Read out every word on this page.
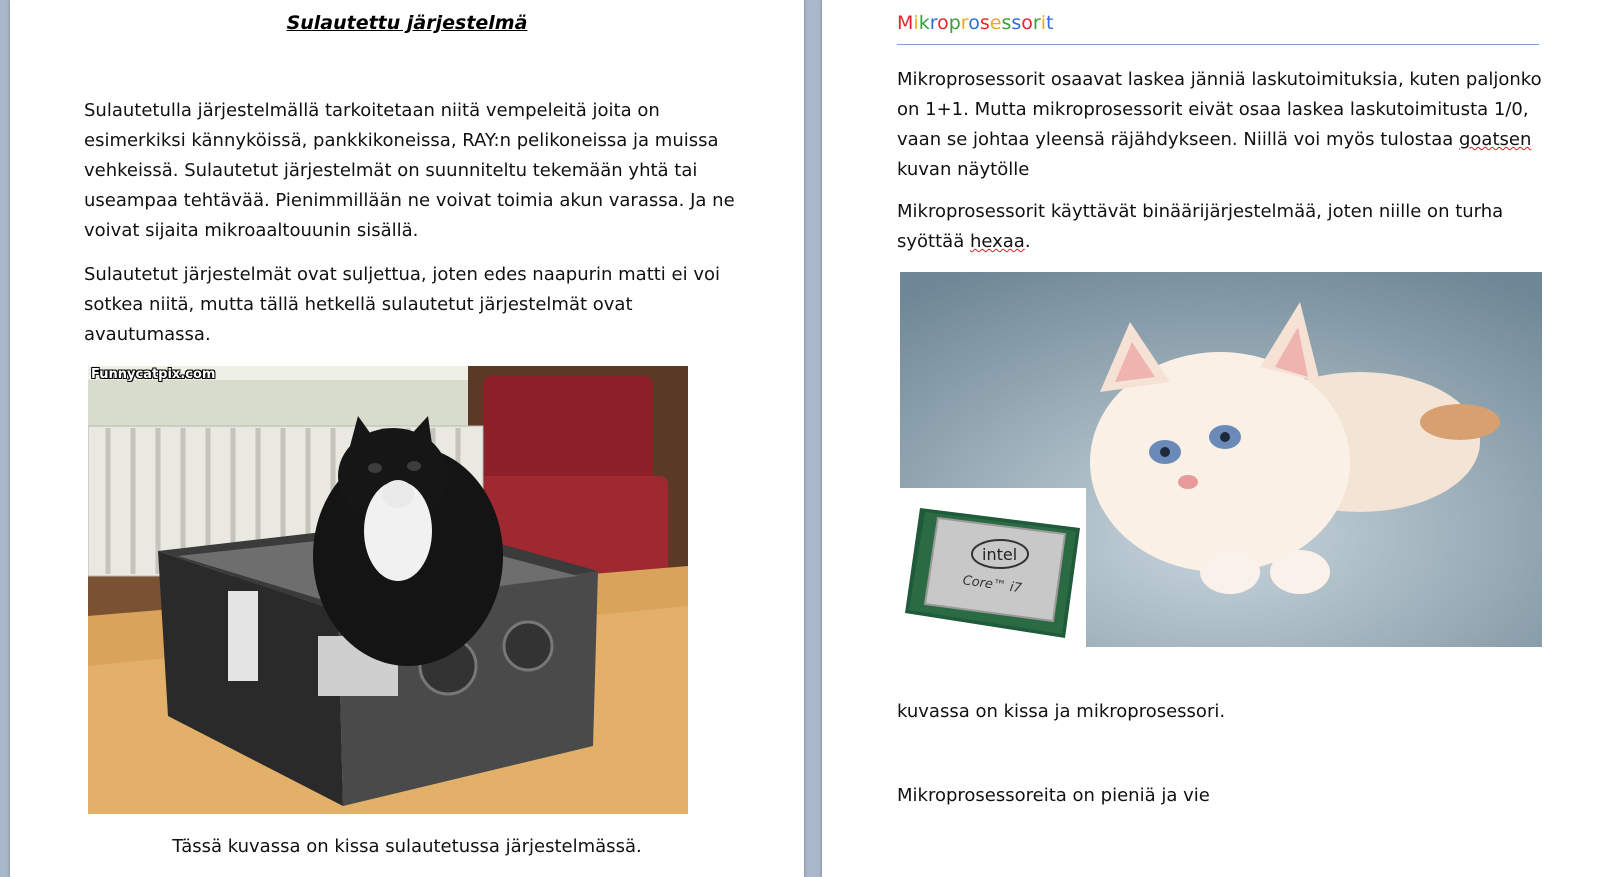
Sulautettu järjestelmä
Sulautetulla järjestelmällä tarkoitetaan niitä vempeleitä joita on
esimerkiksi kännyköissä, pankkikoneissa, RAY:n pelikoneissa ja muissa
vehkeissä. Sulautetut järjestelmät on suunniteltu tekemään yhtä tai
useampaa tehtävää. Pienimmillään ne voivat toimia akun varassa. Ja ne
voivat sijaita mikroaaltouunin sisällä.
Sulautetut järjestelmät ovat suljettua, joten edes naapurin matti ei voi
sotkea niitä, mutta tällä hetkellä sulautetut järjestelmät ovat
avautumassa.
Funnycatpix.com
Tässä kuvassa on kissa sulautetussa järjestelmässä.
Mikroprosessorit
Mikroprosessorit osaavat laskea jänniä laskutoimituksia, kuten paljonko
on 1+1. Mutta mikroprosessorit eivät osaa laskea laskutoimitusta 1/0,
vaan se johtaa yleensä räjähdykseen. Niillä voi myös tulostaa goatsen
kuvan näytölle
Mikroprosessorit käyttävät binäärijärjestelmää, joten niille on turha
syöttää hexaa.
intel
Core™ i7
kuvassa on kissa ja mikroprosessori.
Mikroprosessoreita on pieniä ja vie
